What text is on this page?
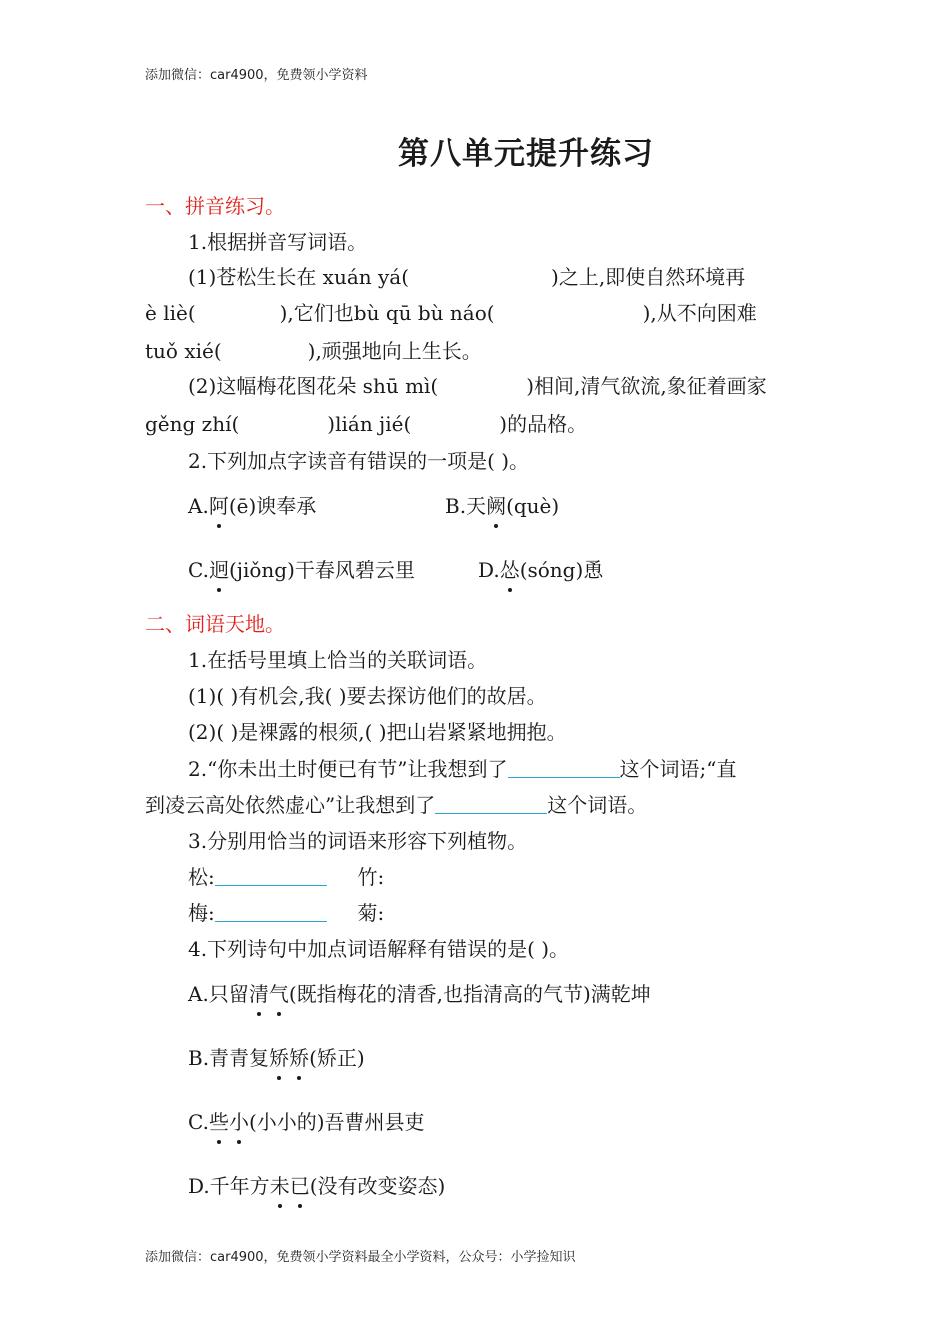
添加微信：car4900，免费领小学资料
第八单元提升练习
一、拼音练习。
1.根据拼音写词语。
(1)苍松生长在 xuán yá(	)之上,即使自然环境再
è liè(	),它们也bù qū bù náo(	),从不向困难
tuǒ xié(	),顽强地向上生长。
(2)这幅梅花图花朵 shū mì(	)相间,清气欲流,象征着画家
gěng zhí(	)lián jié(	)的品格。
2.下列加点字读音有错误的一项是( )。
A.阿(ē)谀奉承	B.天阙(què)
C.迥(jiǒng)干春风碧云里	D.怂(sóng)恿
二、词语天地。
1.在括号里填上恰当的关联词语。
(1)( )有机会,我( )要去探访他们的故居。
(2)( )是裸露的根须,( )把山岩紧紧地拥抱。
2.“你未出土时便已有节”让我想到了	这个词语;“直
到凌云高处依然虚心”让我想到了	这个词语。
3.分别用恰当的词语来形容下列植物。
松:	竹:
梅:	菊:
4.下列诗句中加点词语解释有错误的是( )。
A.只留清气(既指梅花的清香,也指清高的气节)满乾坤
B.青青复矫矫(矫正)
C.些小(小小的)吾曹州县吏
D.千年方未已(没有改变姿态)
添加微信：car4900，免费领小学资料最全小学资料，公众号：小学捡知识
